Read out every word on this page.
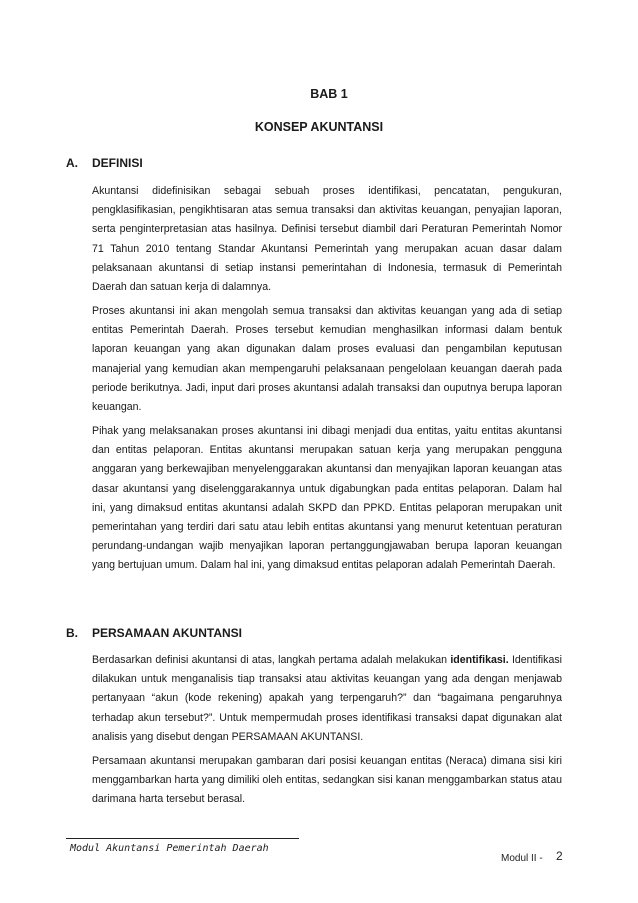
BAB 1
KONSEP AKUNTANSI
A. DEFINISI

Akuntansi didefinisikan sebagai sebuah proses identifikasi, pencatatan, pengukuran, pengklasifikasian, pengikhtisaran atas semua transaksi dan aktivitas keuangan, penyajian laporan, serta penginterpretasian atas hasilnya. Definisi tersebut diambil dari Peraturan Pemerintah Nomor 71 Tahun 2010 tentang Standar Akuntansi Pemerintah yang merupakan acuan dasar dalam pelaksanaan akuntansi di setiap instansi pemerintahan di Indonesia, termasuk di Pemerintah Daerah dan satuan kerja di dalamnya.

Proses akuntansi ini akan mengolah semua transaksi dan aktivitas keuangan yang ada di setiap entitas Pemerintah Daerah. Proses tersebut kemudian menghasilkan informasi dalam bentuk laporan keuangan yang akan digunakan dalam proses evaluasi dan pengambilan keputusan manajerial yang kemudian akan mempengaruhi pelaksanaan pengelolaan keuangan daerah pada periode berikutnya. Jadi, input dari proses akuntansi adalah transaksi dan ouputnya berupa laporan keuangan.

Pihak yang melaksanakan proses akuntansi ini dibagi menjadi dua entitas, yaitu entitas akuntansi dan entitas pelaporan. Entitas akuntansi merupakan satuan kerja yang merupakan pengguna anggaran yang berkewajiban menyelenggarakan akuntansi dan menyajikan laporan keuangan atas dasar akuntansi yang diselenggarakannya untuk digabungkan pada entitas pelaporan. Dalam hal ini, yang dimaksud entitas akuntansi adalah SKPD dan PPKD. Entitas pelaporan merupakan unit pemerintahan yang terdiri dari satu atau lebih entitas akuntansi yang menurut ketentuan peraturan perundang-undangan wajib menyajikan laporan pertanggungjawaban berupa laporan keuangan yang bertujuan umum. Dalam hal ini, yang dimaksud entitas pelaporan adalah Pemerintah Daerah.

B. PERSAMAAN AKUNTANSI

Berdasarkan definisi akuntansi di atas, langkah pertama adalah melakukan identifikasi. Identifikasi dilakukan untuk menganalisis tiap transaksi atau aktivitas keuangan yang ada dengan menjawab pertanyaan “akun (kode rekening) apakah yang terpengaruh?” dan “bagaimana pengaruhnya terhadap akun tersebut?”. Untuk mempermudah proses identifikasi transaksi dapat digunakan alat analisis yang disebut dengan PERSAMAAN AKUNTANSI.

Persamaan akuntansi merupakan gambaran dari posisi keuangan entitas (Neraca) dimana sisi kiri menggambarkan harta yang dimiliki oleh entitas, sedangkan sisi kanan menggambarkan status atau darimana harta tersebut berasal.

Modul Akuntansi Pemerintah Daerah
Modul II - 2
